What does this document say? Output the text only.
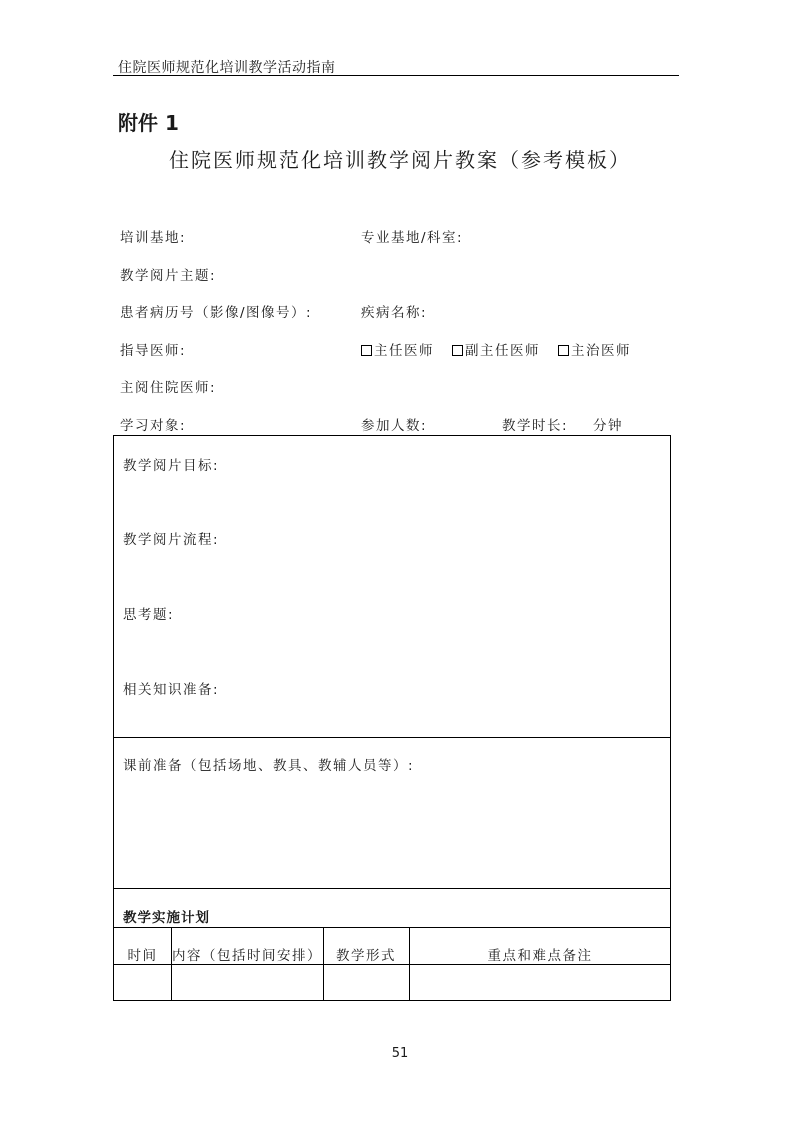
住院医师规范化培训教学活动指南
附件 1
住院医师规范化培训教学阅片教案（参考模板）
培训基地:	专业基地/科室:
教学阅片主题:
患者病历号（影像/图像号）:	疾病名称:
指导医师:	主任医师 副主任医师 主治医师
主阅住院医师:
学习对象:	参加人数:	教学时长: 分钟
教学阅片目标:
教学阅片流程:
思考题:
相关知识准备:
课前准备（包括场地、教具、教辅人员等）:
教学实施计划
时间	内容（包括时间安排）	教学形式	重点和难点备注
51
